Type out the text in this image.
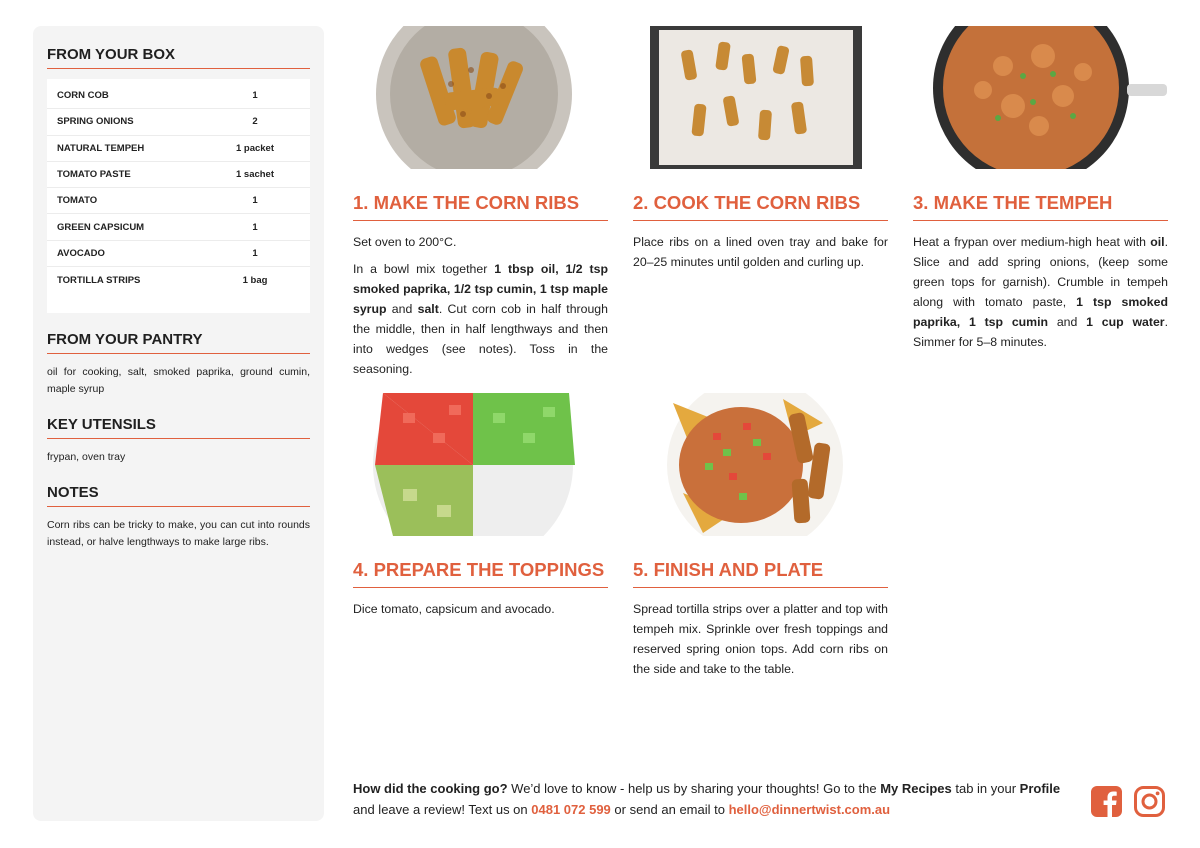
FROM YOUR BOX
CORN COB	1
SPRING ONIONS	2
NATURAL TEMPEH	1 packet
TOMATO PASTE	1 sachet
TOMATO	1
GREEN CAPSICUM	1
AVOCADO	1
TORTILLA STRIPS	1 bag
FROM YOUR PANTRY
oil for cooking, salt, smoked paprika, ground cumin, maple syrup
KEY UTENSILS
frypan, oven tray
NOTES
Corn ribs can be tricky to make, you can cut into rounds instead, or halve lengthways to make large ribs.
1. MAKE THE CORN RIBS

Set oven to 200°C.

In a bowl mix together 1 tbsp oil, 1/2 tsp smoked paprika, 1/2 tsp cumin, 1 tsp maple syrup and salt. Cut corn cob in half through the middle, then in half lengthways and then into wedges (see notes). Toss in the seasoning.

2. COOK THE CORN RIBS

Place ribs on a lined oven tray and bake for 20–25 minutes until golden and curling up.

3. MAKE THE TEMPEH

Heat a frypan over medium-high heat with oil. Slice and add spring onions, (keep some green tops for garnish). Crumble in tempeh along with tomato paste, 1 tsp smoked paprika, 1 tsp cumin and 1 cup water. Simmer for 5–8 minutes.

4. PREPARE THE TOPPINGS

Dice tomato, capsicum and avocado.

5. FINISH AND PLATE

Spread tortilla strips over a platter and top with tempeh mix. Sprinkle over fresh toppings and reserved spring onion tops. Add corn ribs on the side and take to the table.

How did the cooking go? We’d love to know - help us by sharing your thoughts! Go to the My Recipes tab in your Profile and leave a review! Text us on 0481 072 599 or send an email to hello@dinnertwist.com.au
